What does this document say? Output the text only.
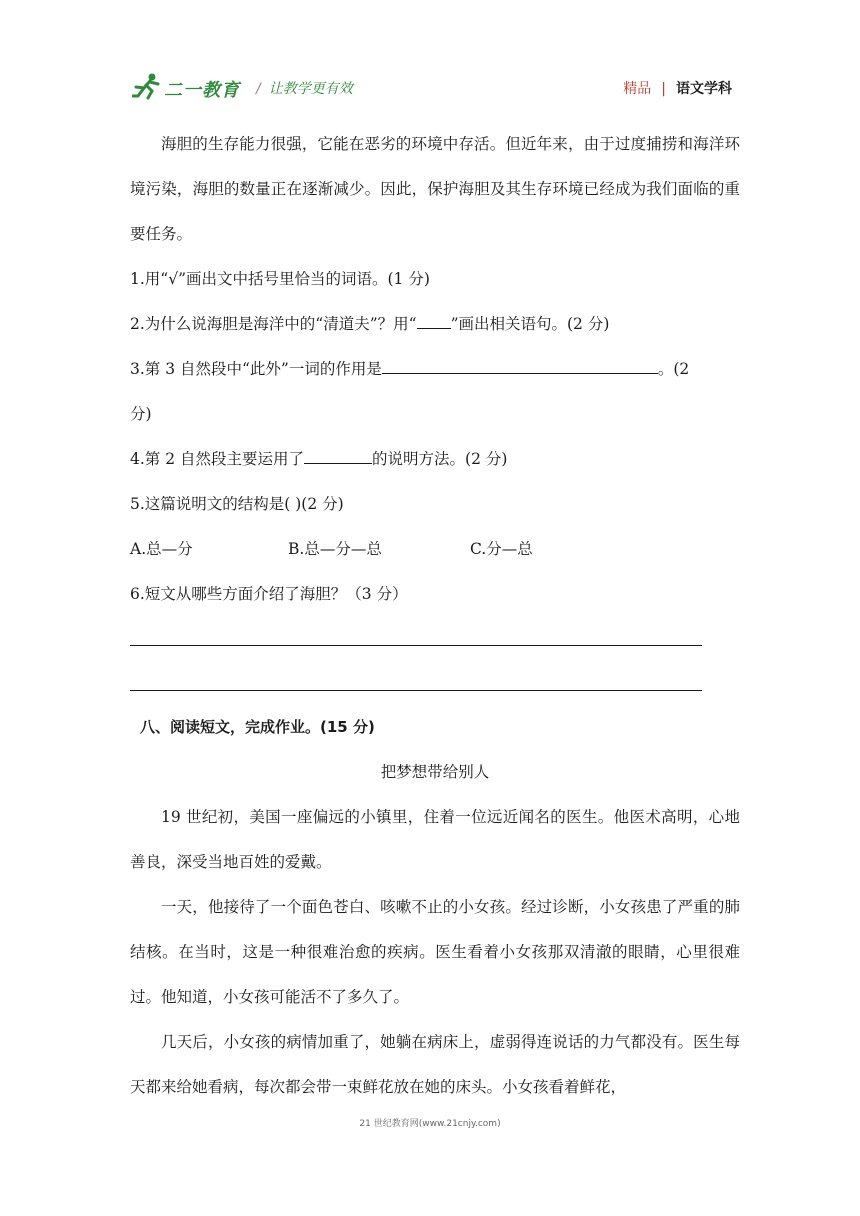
二一教育 / 让教学更有效	精品 | 语文学科

海胆的生存能力很强，它能在恶劣的环境中存活。但近年来，由于过度捕捞和海洋环境污染，海胆的数量正在逐渐减少。因此，保护海胆及其生存环境已经成为我们面临的重要任务。

1.用“√”画出文中括号里恰当的词语。(1 分)

2.为什么说海胆是海洋中的“清道夫”？用“ ”画出相关语句。(2 分)

3.第 3 自然段中“此外”一词的作用是	。(2

分)

4.第 2 自然段主要运用了	的说明方法。(2 分)

5.这篇说明文的结构是( )(2 分)

A.总—分	B.总—分—总	C.分—总

6.短文从哪些方面介绍了海胆？（3 分）

八、阅读短文，完成作业。(15 分)

把梦想带给别人

19 世纪初，美国一座偏远的小镇里，住着一位远近闻名的医生。他医术高明，心地善良，深受当地百姓的爱戴。

一天，他接待了一个面色苍白、咳嗽不止的小女孩。经过诊断，小女孩患了严重的肺结核。在当时，这是一种很难治愈的疾病。医生看着小女孩那双清澈的眼睛，心里很难过。他知道，小女孩可能活不了多久了。

几天后，小女孩的病情加重了，她躺在病床上，虚弱得连说话的力气都没有。医生每天都来给她看病，每次都会带一束鲜花放在她的床头。小女孩看着鲜花，

21 世纪教育网(www.21cnjy.com)
